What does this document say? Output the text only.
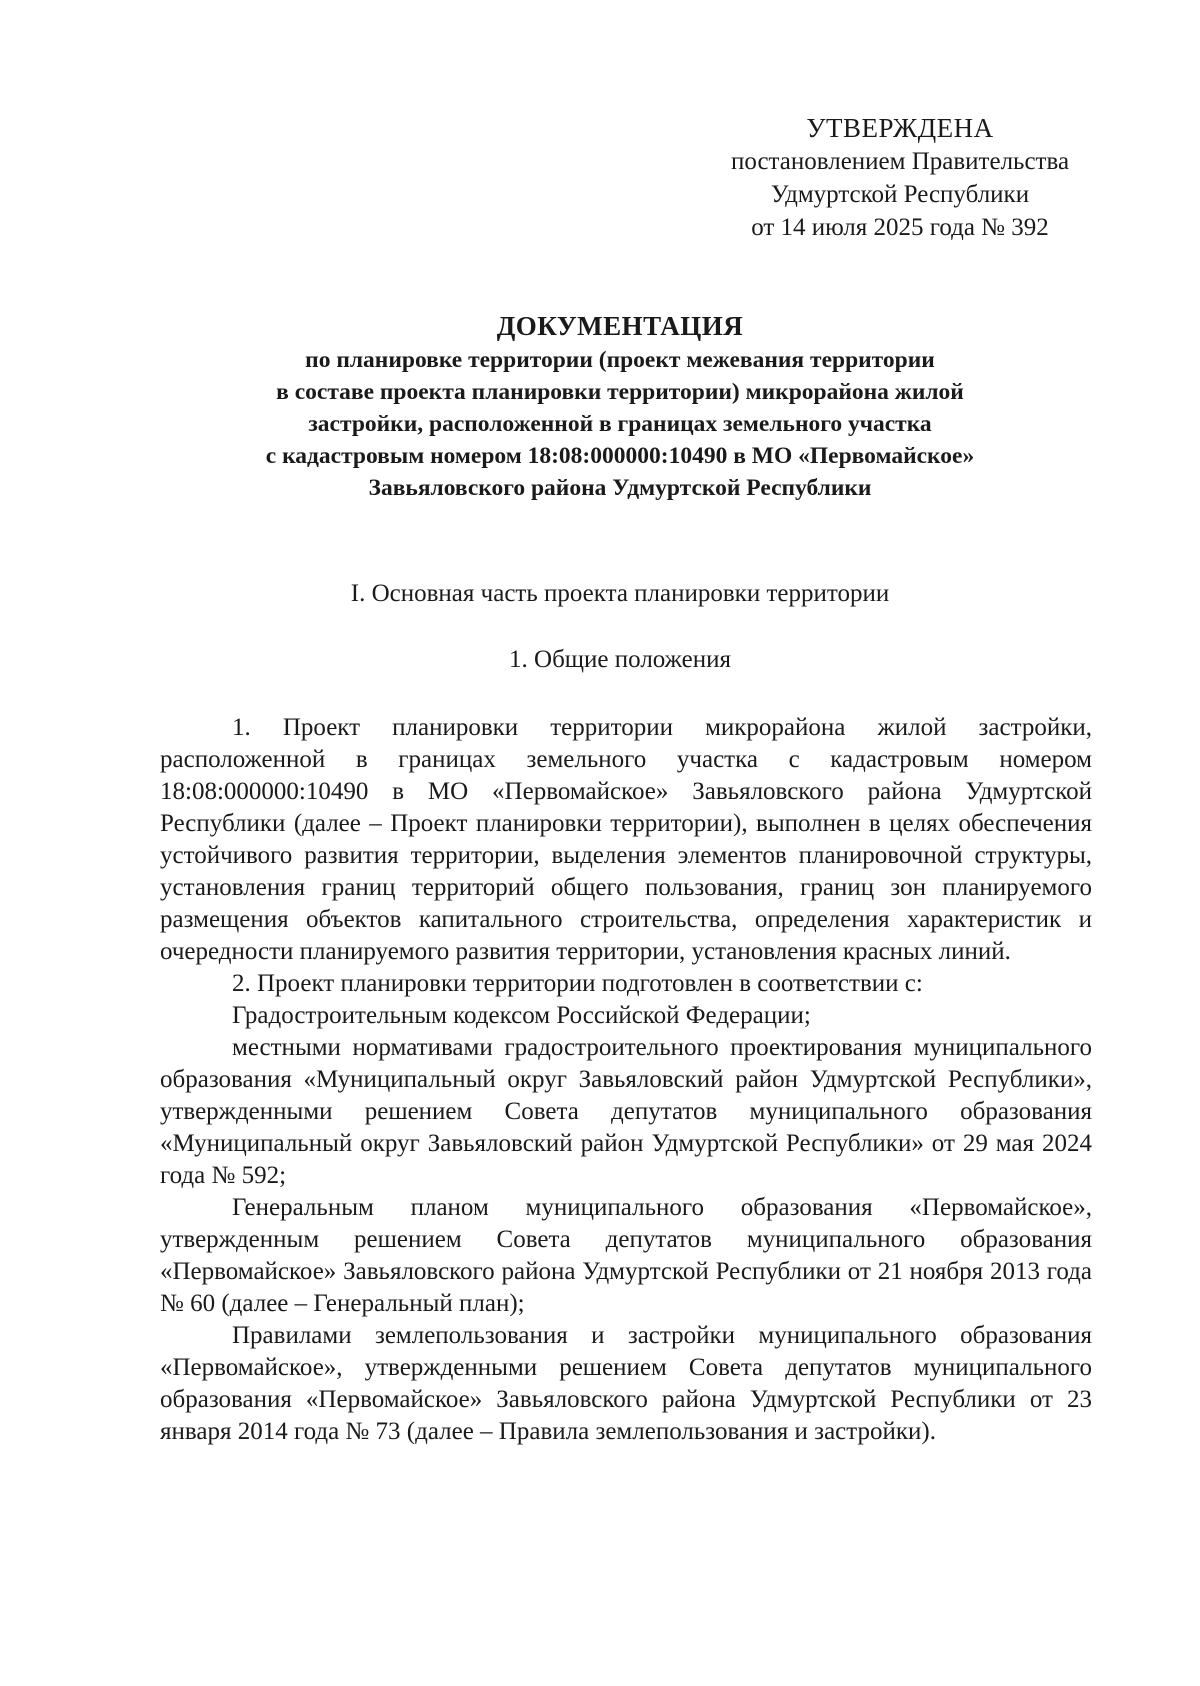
УТВЕРЖДЕНА
постановлением Правительства
Удмуртской Республики
от 14 июля 2025 года № 392
ДОКУМЕНТАЦИЯ
по планировке территории (проект межевания территории
в составе проекта планировки территории) микрорайона жилой
застройки, расположенной в границах земельного участка
с кадастровым номером 18:08:000000:10490 в МО «Первомайское»
Завьяловского района Удмуртской Республики
I. Основная часть проекта планировки территории
1. Общие положения

1. Проект планировки территории микрорайона жилой застройки, расположенной в границах земельного участка с кадастровым номером 18:08:000000:10490 в МО «Первомайское» Завьяловского района Удмуртской Республики (далее – Проект планировки территории), выполнен в целях обеспечения устойчивого развития территории, выделения элементов планировочной структуры, установления границ территорий общего пользования, границ зон планируемого размещения объектов капитального строительства, определения характеристик и очередности планируемого развития территории, установления красных линий.

2. Проект планировки территории подготовлен в соответствии с:

Градостроительным кодексом Российской Федерации;

местными нормативами градостроительного проектирования муниципального образования «Муниципальный округ Завьяловский район Удмуртской Республики», утвержденными решением Совета депутатов муниципального образования «Муниципальный округ Завьяловский район Удмуртской Республики» от 29 мая 2024 года № 592;

Генеральным планом муниципального образования «Первомайское», утвержденным решением Совета депутатов муниципального образования «Первомайское» Завьяловского района Удмуртской Республики от 21 ноября 2013 года № 60 (далее – Генеральный план);

Правилами землепользования и застройки муниципального образования «Первомайское», утвержденными решением Совета депутатов муниципального образования «Первомайское» Завьяловского района Удмуртской Республики от 23 января 2014 года № 73 (далее – Правила землепользования и застройки).
